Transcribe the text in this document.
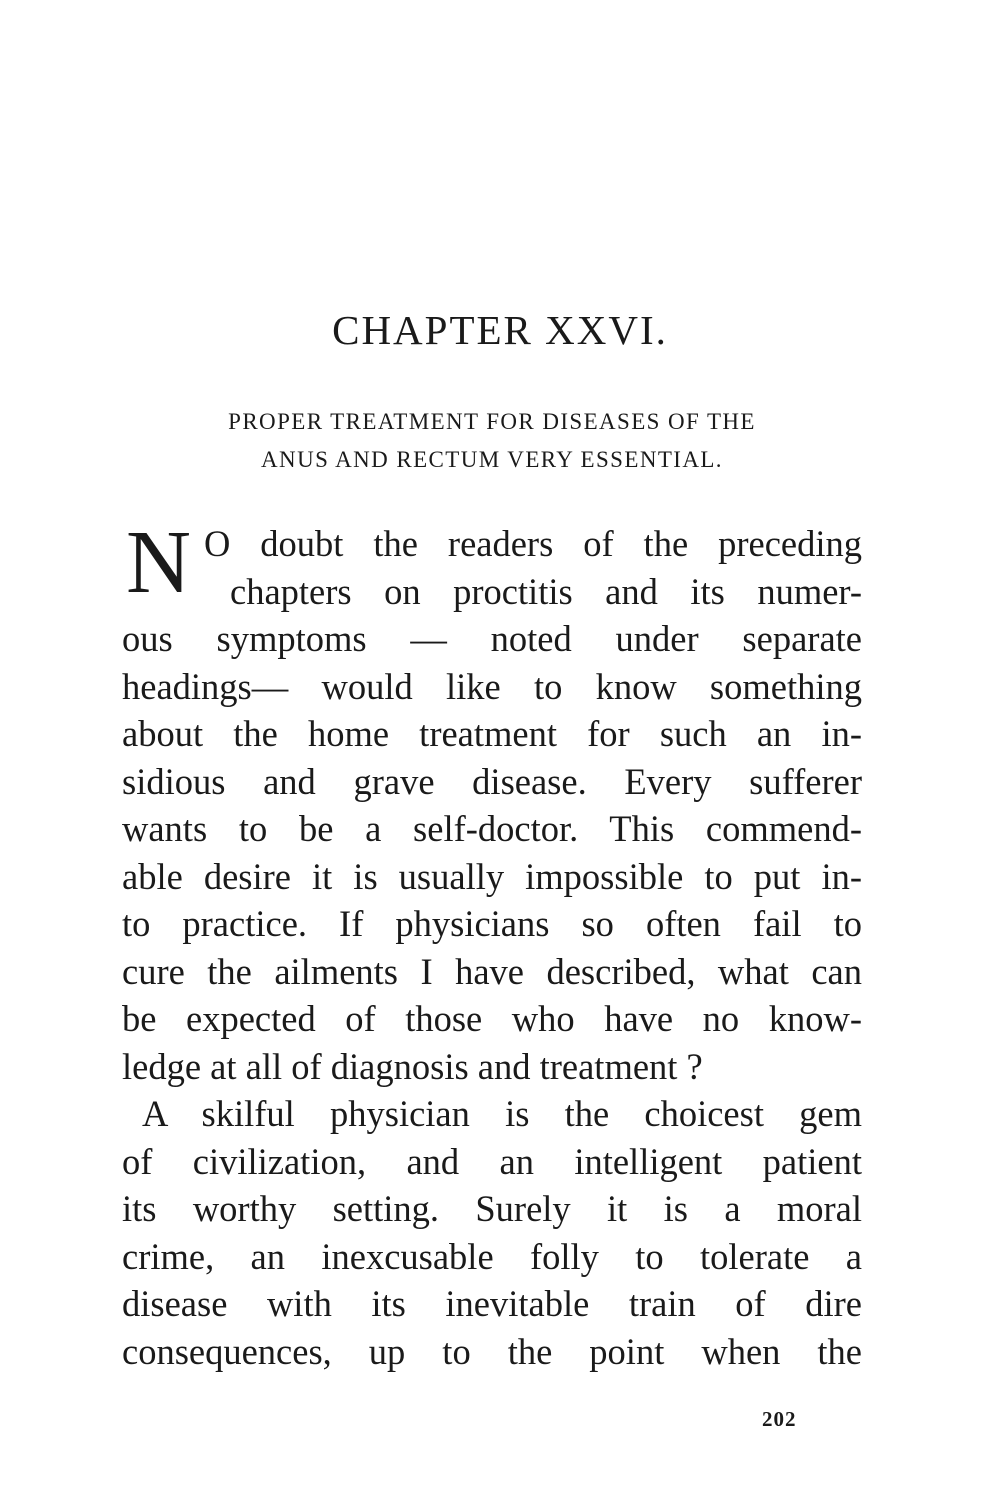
CHAPTER XXVI.
PROPER TREATMENT FOR DISEASES OF THE
ANUS AND RECTUM VERY ESSENTIAL.
N O doubt the readers of the preceding
chapters on proctitis and its numer-
ous symptoms — noted under separate
headings— would like to know something
about the home treatment for such an in-
sidious and grave disease. Every sufferer
wants to be a self-doctor. This commend-
able desire it is usually impossible to put in-
to practice. If physicians so often fail to
cure the ailments I have described, what can
be expected of those who have no know-
ledge at all of diagnosis and treatment ?
A skilful physician is the choicest gem
of civilization, and an intelligent patient
its worthy setting. Surely it is a moral
crime, an inexcusable folly to tolerate a
disease with its inevitable train of dire
consequences, up to the point when the
202
